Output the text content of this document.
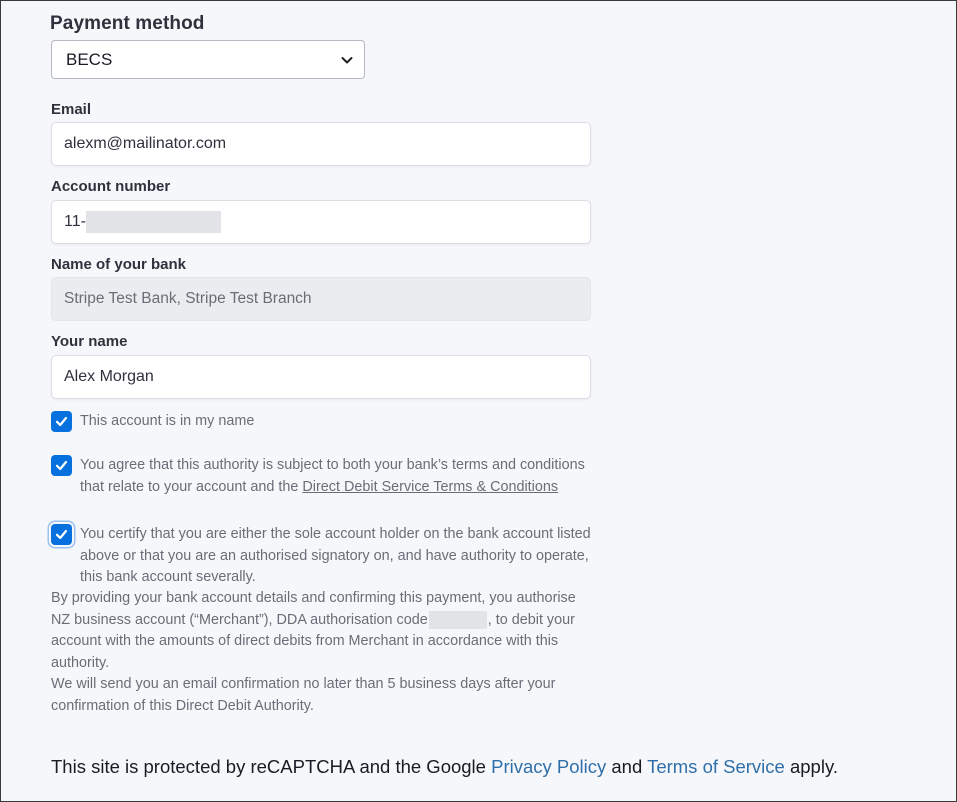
Payment method
BECS
Email
alexm@mailinator.com
Account number
11-
Name of your bank
Stripe Test Bank, Stripe Test Branch
Your name
Alex Morgan
This account is in my name
You agree that this authority is subject to both your bank’s terms and conditions that relate to your account and the Direct Debit Service Terms & Conditions
You certify that you are either the sole account holder on the bank account listed above or that you are an authorised signatory on, and have authority to operate, this bank account severally.
By providing your bank account details and confirming this payment, you authorise NZ business account (“Merchant”), DDA authorisation code	, to debit your account with the amounts of direct debits from Merchant in accordance with this authority.
We will send you an email confirmation no later than 5 business days after your confirmation of this Direct Debit Authority.
This site is protected by reCAPTCHA and the Google Privacy Policy and Terms of Service apply.
